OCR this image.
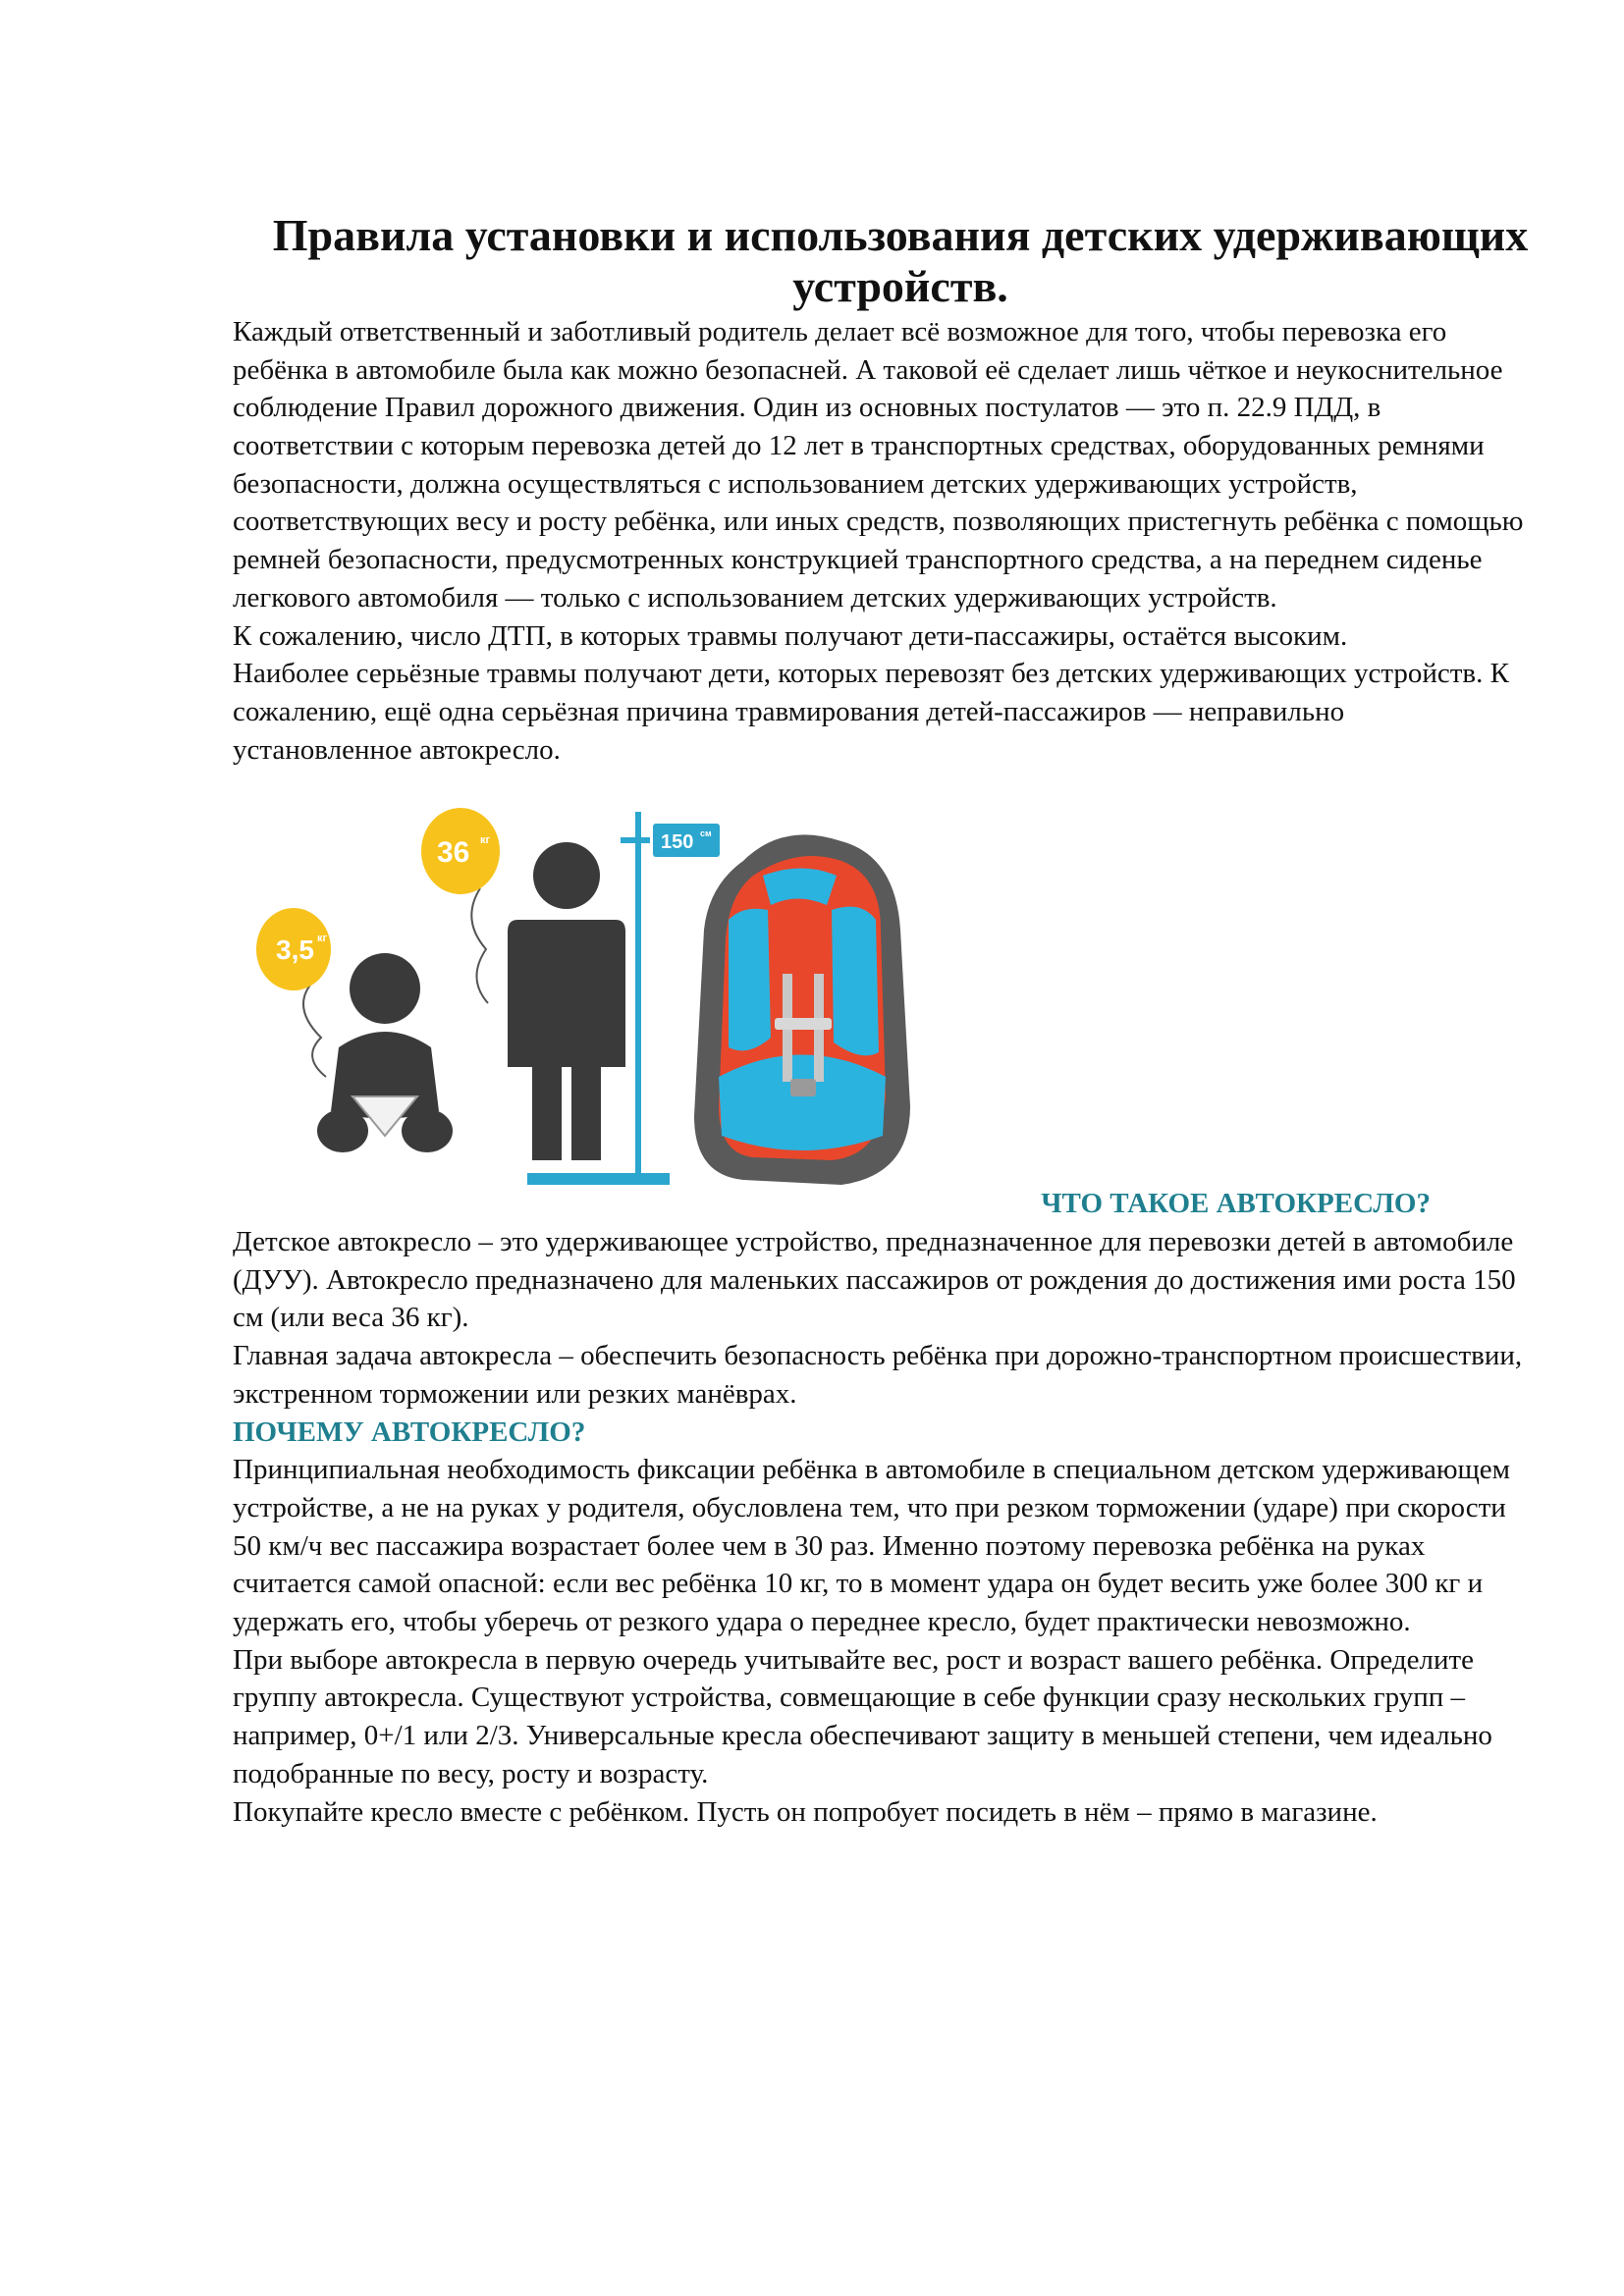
Правила установки и использования детских удерживающих устройств.

Каждый ответственный и заботливый родитель делает всё возможное для того, чтобы перевозка его ребёнка в автомобиле была как можно безопасней. А таковой её сделает лишь чёткое и неукоснительное соблюдение Правил дорожного движения. Один из основных постулатов — это п. 22.9 ПДД, в соответствии с которым перевозка детей до 12 лет в транспортных средствах, оборудованных ремнями безопасности, должна осуществляться с использованием детских удерживающих устройств, соответствующих весу и росту ребёнка, или иных средств, позволяющих пристегнуть ребёнка с помощью ремней безопасности, предусмотренных конструкцией транспортного средства, а на переднем сиденье легкового автомобиля — только с использованием детских удерживающих устройств.

К сожалению, число ДТП, в которых травмы получают дети-пассажиры, остаётся высоким.

Наиболее серьёзные травмы получают дети, которых перевозят без детских удерживающих устройств. К сожалению, ещё одна серьёзная причина травмирования детей-пассажиров — неправильно установленное автокресло.

3,5 кг
36 кг	150 см

ЧТО ТАКОЕ АВТОКРЕСЛО?

Детское автокресло – это удерживающее устройство, предназначенное для перевозки детей в автомобиле (ДУУ). Автокресло предназначено для маленьких пассажиров от рождения до достижения ими роста 150 см (или веса 36 кг).

Главная задача автокресла – обеспечить безопасность ребёнка при дорожно-транспортном происшествии, экстренном торможении или резких манёврах.

ПОЧЕМУ АВТОКРЕСЛО?

Принципиальная необходимость фиксации ребёнка в автомобиле в специальном детском удерживающем устройстве, а не на руках у родителя, обусловлена тем, что при резком торможении (ударе) при скорости 50 км/ч вес пассажира возрастает более чем в 30 раз. Именно поэтому перевозка ребёнка на руках считается самой опасной: если вес ребёнка 10 кг, то в момент удара он будет весить уже более 300 кг и удержать его, чтобы уберечь от резкого удара о переднее кресло, будет практически невозможно.

При выборе автокресла в первую очередь учитывайте вес, рост и возраст вашего ребёнка. Определите группу автокресла. Существуют устройства, совмещающие в себе функции сразу нескольких групп – например, 0+/1 или 2/3. Универсальные кресла обеспечивают защиту в меньшей степени, чем идеально подобранные по весу, росту и возрасту.

Покупайте кресло вместе с ребёнком. Пусть он попробует посидеть в нём – прямо в магазине.
